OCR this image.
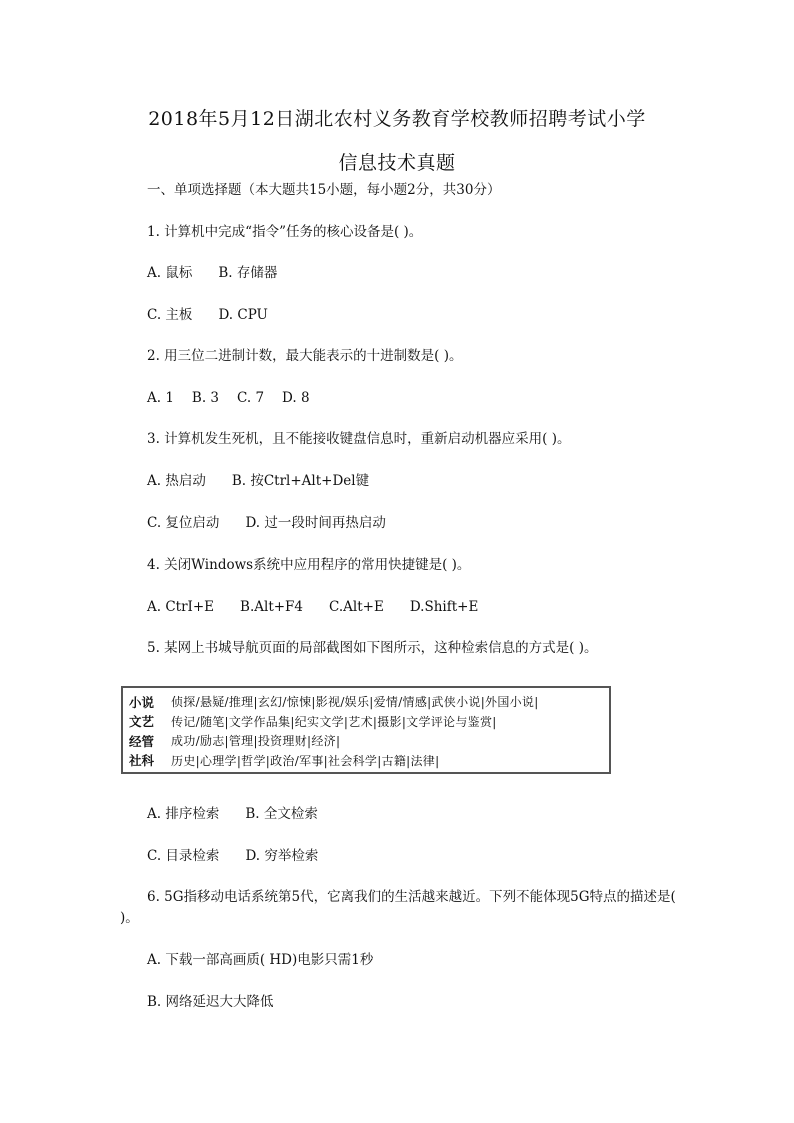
2018年5月12日湖北农村义务教育学校教师招聘考试小学
信息技术真题
一、单项选择题（本大题共15小题，每小题2分，共30分）
1. 计算机中完成“指令”任务的核心设备是( )。
A. 鼠标 B. 存储器
C. 主板 D. CPU
2. 用三位二进制计数，最大能表示的十进制数是( )。
A. 1 B. 3 C. 7 D. 8
3. 计算机发生死机，且不能接收键盘信息时，重新启动机器应采用( )。
A. 热启动 B. 按Ctrl+Alt+Del键
C. 复位启动 D. 过一段时间再热启动
4. 关闭Windows系统中应用程序的常用快捷键是( )。
A. CtrI+E B.Alt+F4 C.Alt+E D.Shift+E
5. 某网上书城导航页面的局部截图如下图所示，这种检索信息的方式是( )。
小说	侦探/悬疑/推理|玄幻/惊悚|影视/娱乐|爱情/情感|武侠小说|外国小说|
文艺	传记/随笔|文学作品集|纪实文学|艺术|摄影|文学评论与鉴赏|
经管	成功/励志|管理|投资理财|经济|
社科	历史|心理学|哲学|政治/军事|社会科学|古籍|法律|
A. 排序检索 B. 全文检索
C. 目录检索 D. 穷举检索
6. 5G指移动电话系统第5代，它离我们的生活越来越近。下列不能体现5G特点的描述是( )。
A. 下载一部高画质( HD)电影只需1秒
B. 网络延迟大大降低
